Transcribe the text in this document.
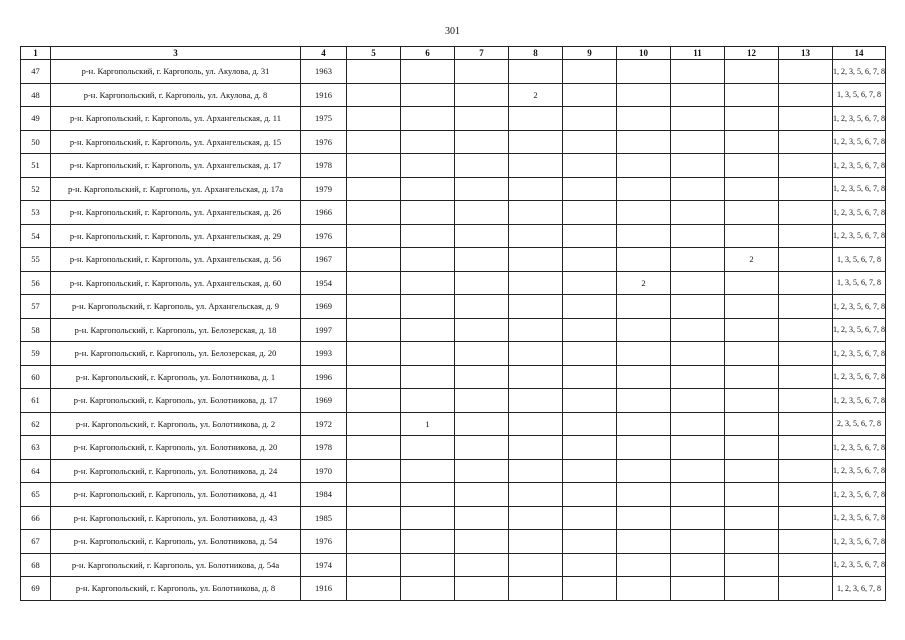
301
1	3	4	5	6	7	8	9	10	11	12	13	14
47	р-н. Каргопольский, г. Каргополь, ул. Акулова, д. 31	1963										1, 2, 3, 5, 6, 7, 8
48	р-н. Каргопольский, г. Каргополь, ул. Акулова, д. 8	1916				2						1, 3, 5, 6, 7, 8
49	р-н. Каргопольский, г. Каргополь, ул. Архангельская, д. 11	1975										1, 2, 3, 5, 6, 7, 8
50	р-н. Каргопольский, г. Каргополь, ул. Архангельская, д. 15	1976										1, 2, 3, 5, 6, 7, 8
51	р-н. Каргопольский, г. Каргополь, ул. Архангельская, д. 17	1978										1, 2, 3, 5, 6, 7, 8
52	р-н. Каргопольский, г. Каргополь, ул. Архангельская, д. 17а	1979										1, 2, 3, 5, 6, 7, 8
53	р-н. Каргопольский, г. Каргополь, ул. Архангельская, д. 26	1966										1, 2, 3, 5, 6, 7, 8
54	р-н. Каргопольский, г. Каргополь, ул. Архангельская, д. 29	1976										1, 2, 3, 5, 6, 7, 8
55	р-н. Каргопольский, г. Каргополь, ул. Архангельская, д. 56	1967								2		1, 3, 5, 6, 7, 8
56	р-н. Каргопольский, г. Каргополь, ул. Архангельская, д. 60	1954						2				1, 3, 5, 6, 7, 8
57	р-н. Каргопольский, г. Каргополь, ул. Архангельская, д. 9	1969										1, 2, 3, 5, 6, 7, 8
58	р-н. Каргопольский, г. Каргополь, ул. Белозерская, д. 18	1997										1, 2, 3, 5, 6, 7, 8
59	р-н. Каргопольский, г. Каргополь, ул. Белозерская, д. 20	1993										1, 2, 3, 5, 6, 7, 8
60	р-н. Каргопольский, г. Каргополь, ул. Болотникова, д. 1	1996										1, 2, 3, 5, 6, 7, 8
61	р-н. Каргопольский, г. Каргополь, ул. Болотникова, д. 17	1969										1, 2, 3, 5, 6, 7, 8
62	р-н. Каргопольский, г. Каргополь, ул. Болотникова, д. 2	1972		1								2, 3, 5, 6, 7, 8
63	р-н. Каргопольский, г. Каргополь, ул. Болотникова, д. 20	1978										1, 2, 3, 5, 6, 7, 8
64	р-н. Каргопольский, г. Каргополь, ул. Болотникова, д. 24	1970										1, 2, 3, 5, 6, 7, 8
65	р-н. Каргопольский, г. Каргополь, ул. Болотникова, д. 41	1984										1, 2, 3, 5, 6, 7, 8
66	р-н. Каргопольский, г. Каргополь, ул. Болотникова, д. 43	1985										1, 2, 3, 5, 6, 7, 8
67	р-н. Каргопольский, г. Каргополь, ул. Болотникова, д. 54	1976										1, 2, 3, 5, 6, 7, 8
68	р-н. Каргопольский, г. Каргополь, ул. Болотникова, д. 54а	1974										1, 2, 3, 5, 6, 7, 8
69	р-н. Каргопольский, г. Каргополь, ул. Болотникова, д. 8	1916										1, 2, 3, 6, 7, 8
